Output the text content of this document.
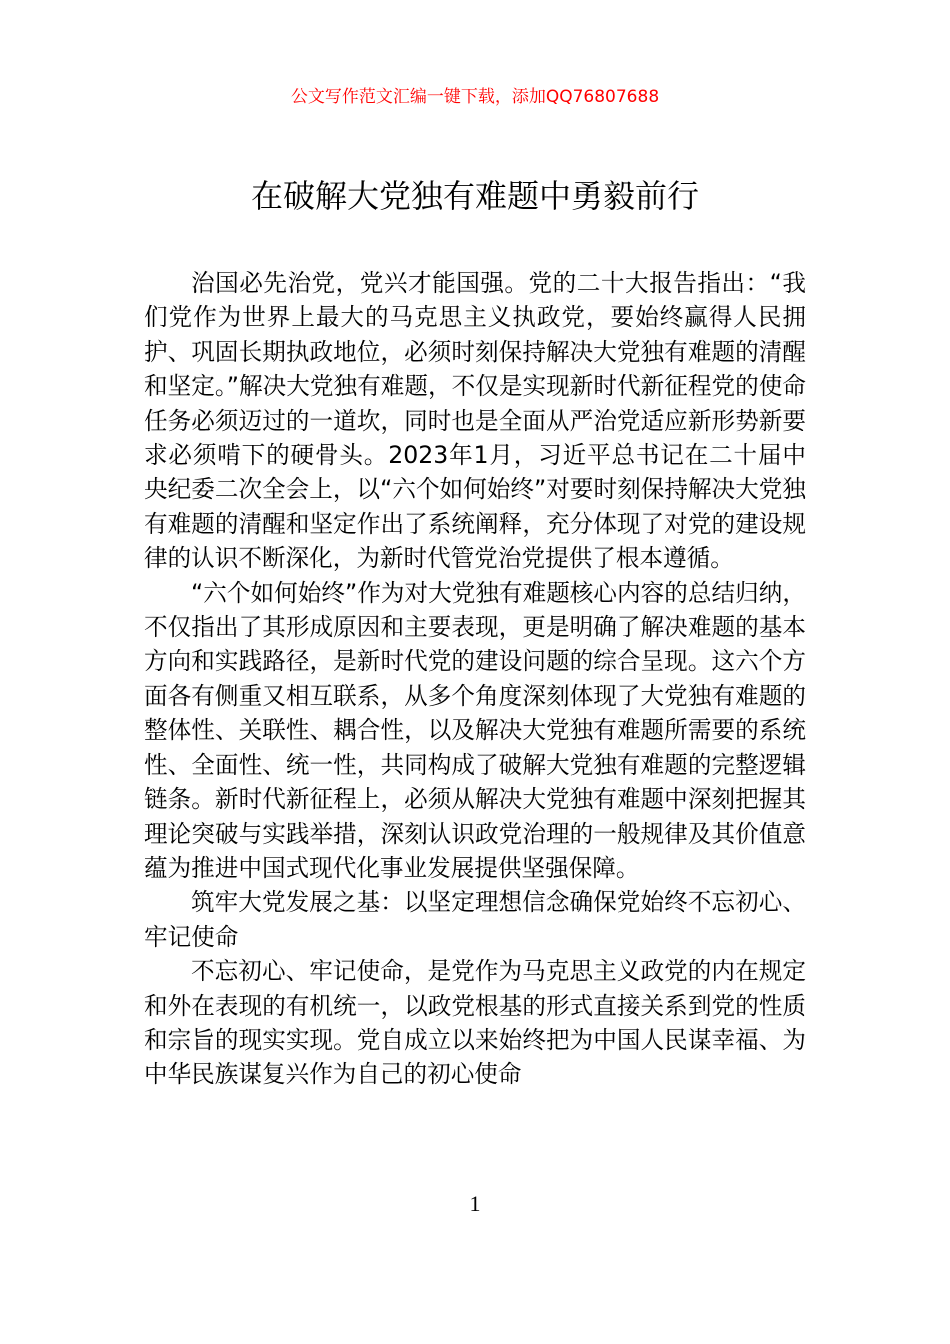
公文写作范文汇编一键下载，添加QQ76807688
在破解大党独有难题中勇毅前行

治国必先治党，党兴才能国强。党的二十大报告指出：“我们党作为世界上最大的马克思主义执政党，要始终赢得人民拥护、巩固长期执政地位，必须时刻保持解决大党独有难题的清醒和坚定。”解决大党独有难题，不仅是实现新时代新征程党的使命任务必须迈过的一道坎，同时也是全面从严治党适应新形势新要求必须啃下的硬骨头。2023年1月，习近平总书记在二十届中央纪委二次全会上，以“六个如何始终”对要时刻保持解决大党独有难题的清醒和坚定作出了系统阐释，充分体现了对党的建设规律的认识不断深化，为新时代管党治党提供了根本遵循。

“六个如何始终”作为对大党独有难题核心内容的总结归纳，不仅指出了其形成原因和主要表现，更是明确了解决难题的基本方向和实践路径，是新时代党的建设问题的综合呈现。这六个方面各有侧重又相互联系，从多个角度深刻体现了大党独有难题的整体性、关联性、耦合性，以及解决大党独有难题所需要的系统性、全面性、统一性，共同构成了破解大党独有难题的完整逻辑链条。新时代新征程上，必须从解决大党独有难题中深刻把握其理论突破与实践举措，深刻认识政党治理的一般规律及其价值意蕴为推进中国式现代化事业发展提供坚强保障。

筑牢大党发展之基：以坚定理想信念确保党始终不忘初心、牢记使命

不忘初心、牢记使命，是党作为马克思主义政党的内在规定和外在表现的有机统一，以政党根基的形式直接关系到党的性质和宗旨的现实实现。党自成立以来始终把为中国人民谋幸福、为中华民族谋复兴作为自己的初心使命

1
